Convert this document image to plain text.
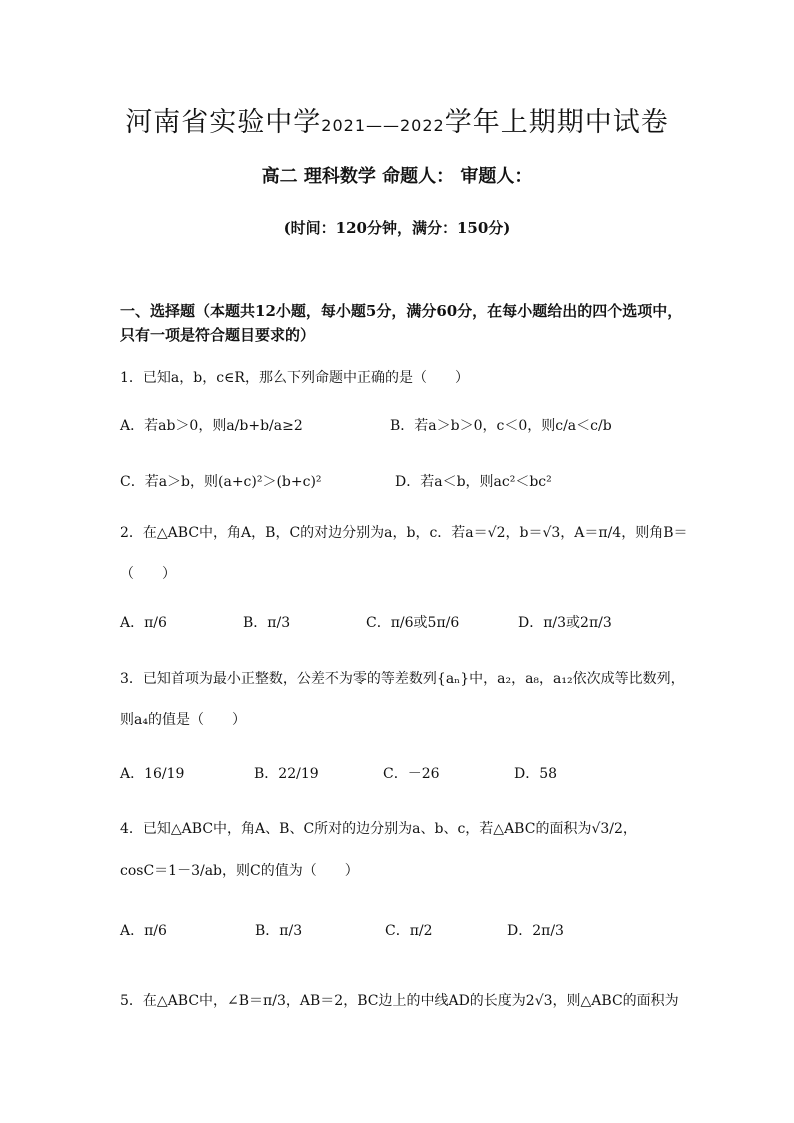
河南省实验中学2021——2022学年上期期中试卷
高二 理科数学 命题人： 审题人：
(时间：120分钟，满分：150分)
一、选择题（本题共12小题，每小题5分，满分60分，在每小题给出的四个选项中，只有一项是符合题目要求的）
1．已知a，b，c∈R，那么下列命题中正确的是（　　）
A．若ab＞0，则a/b+b/a≥2	B．若a＞b＞0，c＜0，则c/a＜c/b
C．若a＞b，则(a+c)²＞(b+c)²	D．若a＜b，则ac²＜bc²
2．在△ABC中，角A，B，C的对边分别为a，b，c．若a＝√2，b＝√3，A＝π/4，则角B＝
（　　）
A．π/6	B．π/3	C．π/6或5π/6	D．π/3或2π/3
3．已知首项为最小正整数，公差不为零的等差数列{aₙ}中，a₂，a₈，a₁₂依次成等比数列，
则a₄的值是（　　）
A．16/19	B．22/19	C．－26	D．58
4．已知△ABC中，角A、B、C所对的边分别为a、b、c，若△ABC的面积为√3/2，
cosC＝1－3/ab，则C的值为（　　）
A．π/6	B．π/3	C．π/2	D．2π/3
5．在△ABC中，∠B＝π/3，AB＝2，BC边上的中线AD的长度为2√3，则△ABC的面积为
